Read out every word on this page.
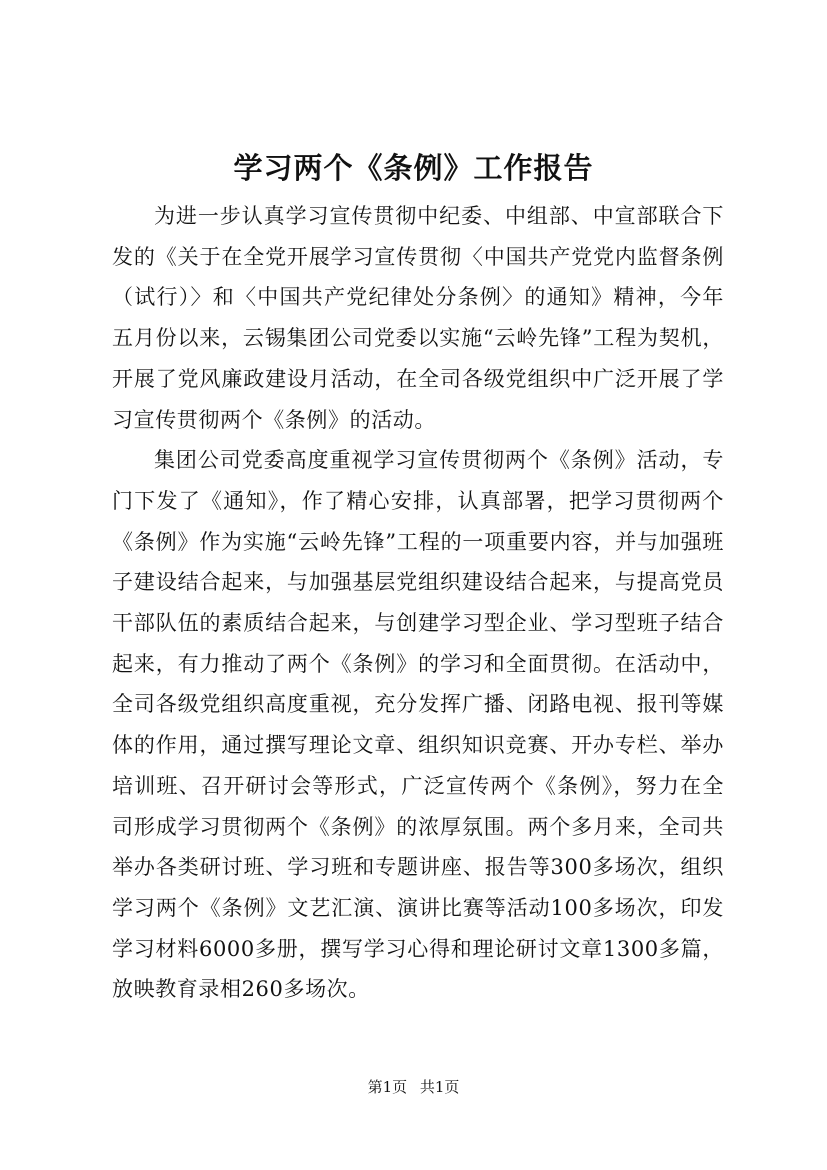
学习两个《条例》工作报告

为进一步认真学习宣传贯彻中纪委、中组部、中宣部联合下发的《关于在全党开展学习宣传贯彻〈中国共产党党内监督条例（试行）〉和〈中国共产党纪律处分条例〉的通知》精神，今年五月份以来，云锡集团公司党委以实施“云岭先锋”工程为契机，开展了党风廉政建设月活动，在全司各级党组织中广泛开展了学习宣传贯彻两个《条例》的活动。

集团公司党委高度重视学习宣传贯彻两个《条例》活动，专门下发了《通知》，作了精心安排，认真部署，把学习贯彻两个《条例》作为实施“云岭先锋”工程的一项重要内容，并与加强班子建设结合起来，与加强基层党组织建设结合起来，与提高党员干部队伍的素质结合起来，与创建学习型企业、学习型班子结合起来，有力推动了两个《条例》的学习和全面贯彻。在活动中，全司各级党组织高度重视，充分发挥广播、闭路电视、报刊等媒体的作用，通过撰写理论文章、组织知识竞赛、开办专栏、举办培训班、召开研讨会等形式，广泛宣传两个《条例》，努力在全司形成学习贯彻两个《条例》的浓厚氛围。两个多月来，全司共举办各类研讨班、学习班和专题讲座、报告等300多场次，组织学习两个《条例》文艺汇演、演讲比赛等活动100多场次，印发学习材料6000多册，撰写学习心得和理论研讨文章1300多篇，放映教育录相260多场次。

第1页 共1页
